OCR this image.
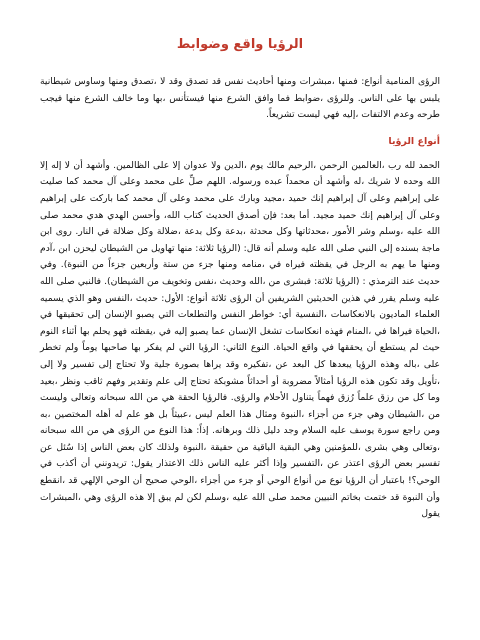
الرؤيا واقع وضوابط

الرؤى المنامية أنواع: فمنها ،مبشرات ومنها أحاديث نفس قد تصدق وقد لا ،تصدق ومنها وساوس شيطانية يلبس بها على الناس. وللرؤى ،ضوابط فما وافق الشرع منها فيستأنس ،بها وما خالف الشرع منها فيجب طرحه وعدم الالتفات ،إليه فهي ليست تشريعاً.

أنواع الرؤيا

الحمد لله رب ،العالمين الرحمن ،الرحيم مالك يوم ،الدين ولا عدوان إلا على الظالمين. وأشهد أن لا إله إلا الله وحده لا شريك ،له وأشهد أن محمداً عبده ورسوله. اللهم صلِّ على محمد وعلى آل محمد كما صليت على إبراهيم وعلى آل إبراهيم إنك حميد ،مجيد وبارك على محمد وعلى آل محمد كما باركت على إبراهيم وعلى آل إبراهيم إنك حميد مجيد. أما بعد: فإن أصدق الحديث كتاب الله، وأحسن الهدي هدي محمد صلى الله عليه ،وسلم وشر الأمور ،محدثاتها وكل محدثة ،بدعة وكل بدعة ،ضلالة وكل ضلالة في النار. روى ابن ماجة بسنده إلى النبي صلى الله عليه وسلم أنه قال: (الرؤيا ثلاثة: منها تهاويل من الشيطان ليحزن ابن ،آدم ومنها ما يهم به الرجل في يقظته فيراه في ،منامه ومنها جزء من ستة وأربعين جزءاً من النبوة). وفي حديث عند الترمذي : (الرؤيا ثلاثة: فبشرى من ،الله وحديث ،نفس وتخويف من الشيطان). فالنبي صلى الله عليه وسلم يقرر في هذين الحديثين الشريفين أن الرؤى ثلاثة أنواع: الأول: حديث ،النفس وهو الذي يسميه العلماء الماديون بالانعكاسات ،النفسية أي: خواطر النفس والتطلعات التي يصبو الإنسان إلى تحقيقها في ،الحياة فيراها في ،المنام فهذه انعكاسات تشغل الإنسان عما يصبو إليه في ،يقظته فهو يحلم بها أثناء النوم حيث لم يستطع أن يحققها في واقع الحياة. النوع الثاني: الرؤيا التي لم يفكر بها صاحبها يوماً ولم تخطر على ،باله وهذه الرؤيا يبعدها كل البعد عن ،تفكيره وقد يراها بصورة جلية ولا تحتاج إلى تفسير ولا إلى ،تأويل وقد تكون هذه الرؤيا أمثالاً مضروبة أو أحداثاً مشوبكة تحتاج إلى علم وتقدير وفهم ثاقب ونظر ،بعيد وما كل من رزق علماً رُزق فهماً يتناول الأحلام والرؤى. فالرؤيا الحقة هي من الله سبحانه وتعالى وليست من ،الشيطان وهي جزء من أجزاء ،النبوة ومثال هذا العلم ليس ،عبيثاً بل هو علم له أهله المختصين ،به ومن راجع سورة يوسف عليه السلام وجد دليل ذلك وبرهانه. إذاً: هذا النوع من الرؤى هي من الله سبحانه ،وتعالى وهي بشرى ،للمؤمنين وهي البقية الباقية من حقيقة ،النبوة ولذلك كان بعض الناس إذا سُئل عن تفسير بعض الرؤى اعتذر عن ،التفسير وإذا أكثر عليه الناس ذلك الاعتذار يقول: تريدونني أن أكذب في الوحي؟! باعتبار أن الرؤيا نوع من أنواع الوحي أو جزء من أجزاء ،الوحي صحيح أن الوحي الإلهي قد ،انقطع وأن النبوة قد ختمت بخاتم النبيين محمد صلى الله عليه ،وسلم لكن لم يبق إلا هذه الرؤى وهي ،المبشرات يقول
